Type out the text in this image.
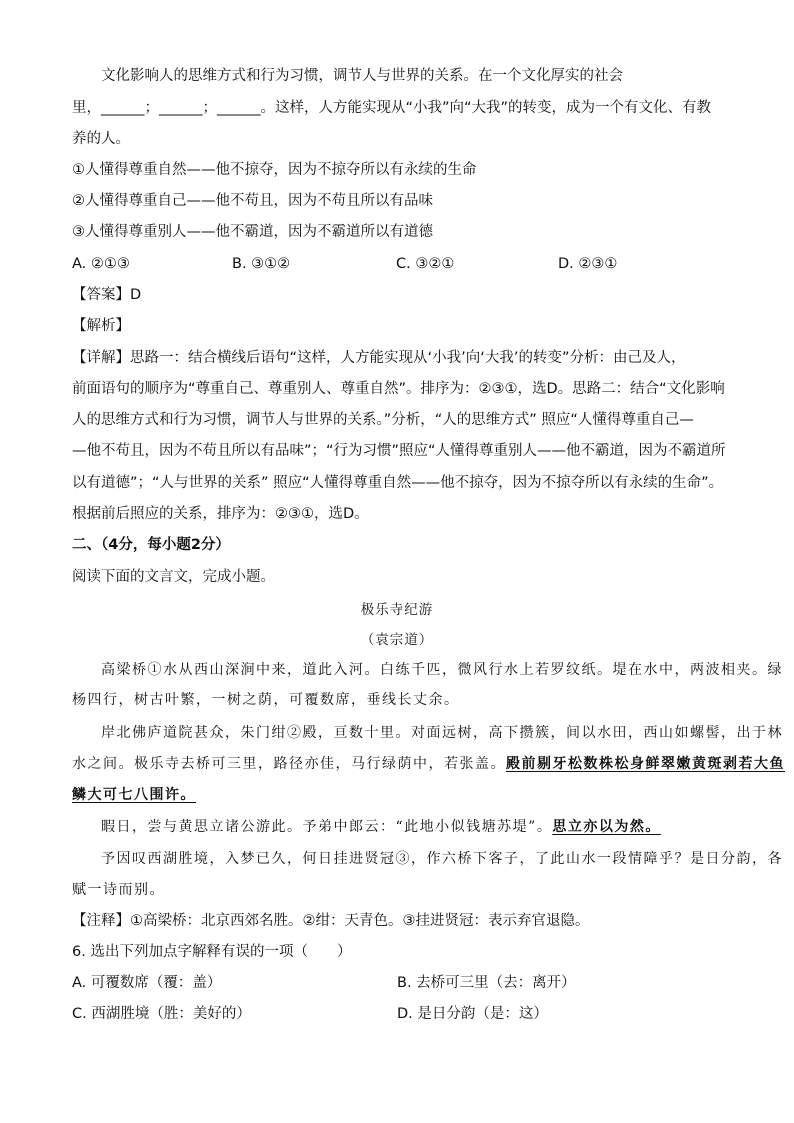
文化影响人的思维方式和行为习惯，调节人与世界的关系。在一个文化厚实的社会
里，______；______；______。这样，人方能实现从“小我”向“大我”的转变，成为一个有文化、有教
养的人。
①人懂得尊重自然——他不掠夺，因为不掠夺所以有永续的生命
②人懂得尊重自己——他不苟且，因为不苟且所以有品味
③人懂得尊重别人——他不霸道，因为不霸道所以有道德
A. ②①③	B. ③①②	C. ③②①	D. ②③①
【答案】D
【解析】
【详解】思路一：结合横线后语句“这样，人方能实现从‘小我’向‘大我’的转变”分析：由己及人，
前面语句的顺序为“尊重自己、尊重别人、尊重自然”。排序为：②③①，选D。思路二：结合“文化影响
人的思维方式和行为习惯，调节人与世界的关系。”分析，“人的思维方式” 照应“人懂得尊重自己—
—他不苟且，因为不苟且所以有品味”；“行为习惯”照应“人懂得尊重别人——他不霸道，因为不霸道所
以有道德”；“人与世界的关系” 照应“人懂得尊重自然——他不掠夺，因为不掠夺所以有永续的生命”。
根据前后照应的关系，排序为：②③①，选D。
二、（4分，每小题2分）
阅读下面的文言文，完成小题。
极乐寺纪游
（袁宗道）
高梁桥①水从西山深涧中来，道此入河。白练千匹，微风行水上若罗纹纸。堤在水中，两波相夹。绿
杨四行，树古叶繁，一树之荫，可覆数席，垂线长丈余。
岸北佛庐道院甚众，朱门绀②殿，亘数十里。对面远树，高下攒簇，间以水田，西山如螺髻，出于林
水之间。极乐寺去桥可三里，路径亦佳，马行绿荫中，若张盖。殿前剔牙松数株松身鲜翠嫩黄斑剥若大鱼
鳞大可七八围许。
暇日，尝与黄思立诸公游此。予弟中郎云：“此地小似钱塘苏堤”。思立亦以为然。
予因叹西湖胜境，入梦已久，何日挂进贤冠③，作六桥下客子，了此山水一段情障乎？是日分韵，各
赋一诗而别。
【注释】①高梁桥：北京西郊名胜。②绀：天青色。③挂进贤冠：表示弃官退隐。
6. 选出下列加点字解释有误的一项（　　）
A. 可覆数席（覆：盖）	B. 去桥可三里（去：离开）
C. 西湖胜境（胜：美好的）	D. 是日分韵（是：这）
